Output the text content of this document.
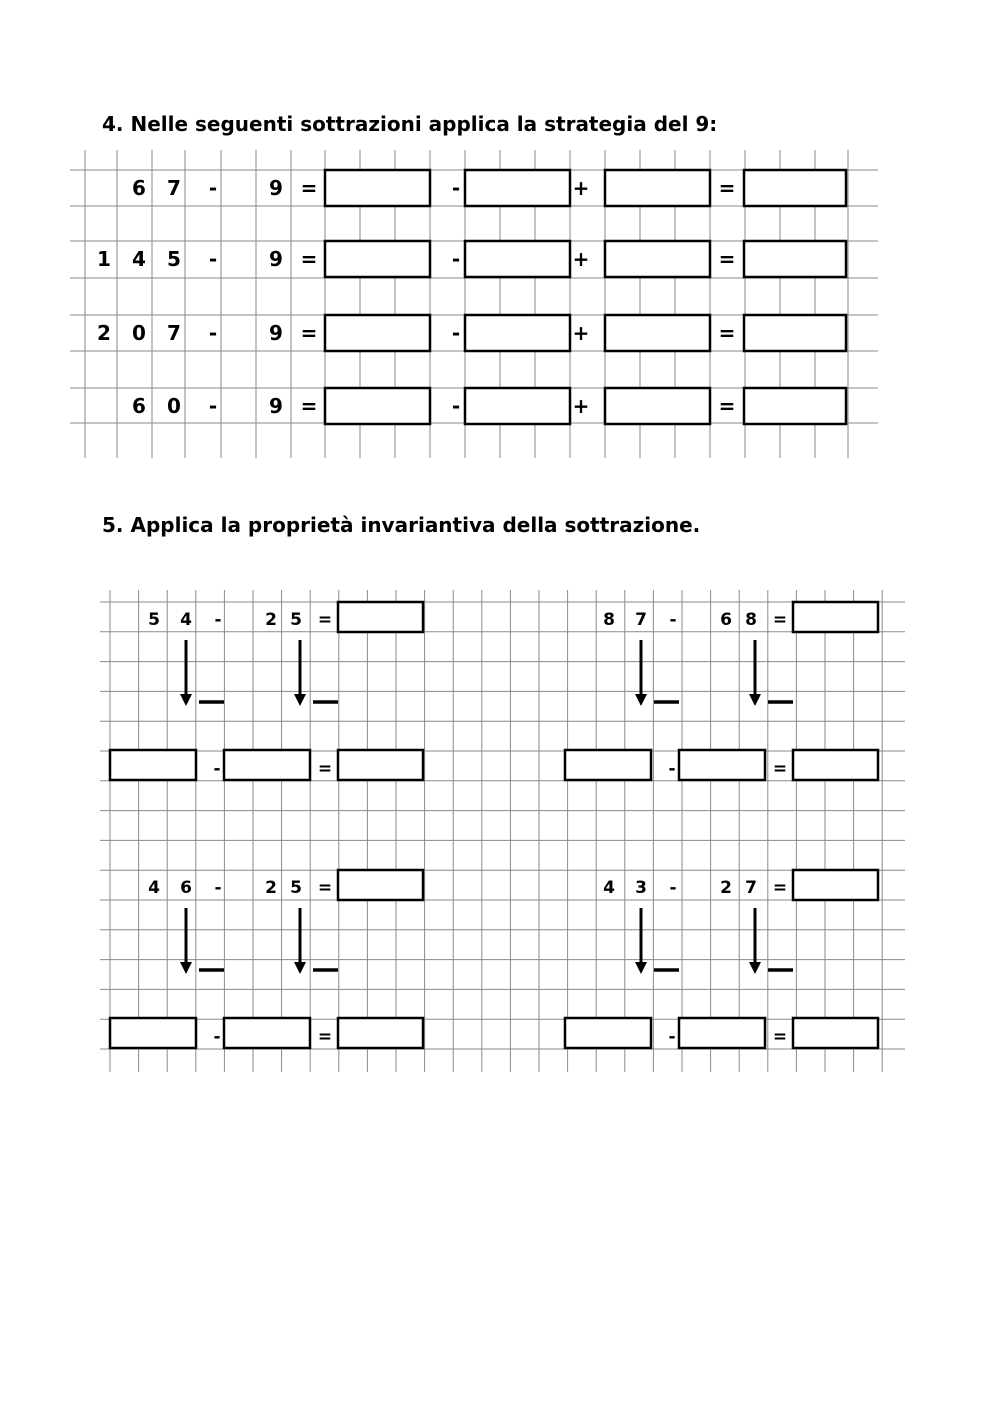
4. Nelle seguenti sottrazioni applica la strategia del 9:
6 7 -	9 =	-	+	=
1 4 5 -	9 =	-	+	=
2 0 7 -	9 =	-	+	=
6 0 -	9 =	-	+	=
5. Applica la proprietà invariantiva della sottrazione.
5 4 -	2 5 =
-	=
8 7 -	6 8 =
-	=
4 6 -	2 5 =
-	=
4 3 -	2 7 =
-	=
